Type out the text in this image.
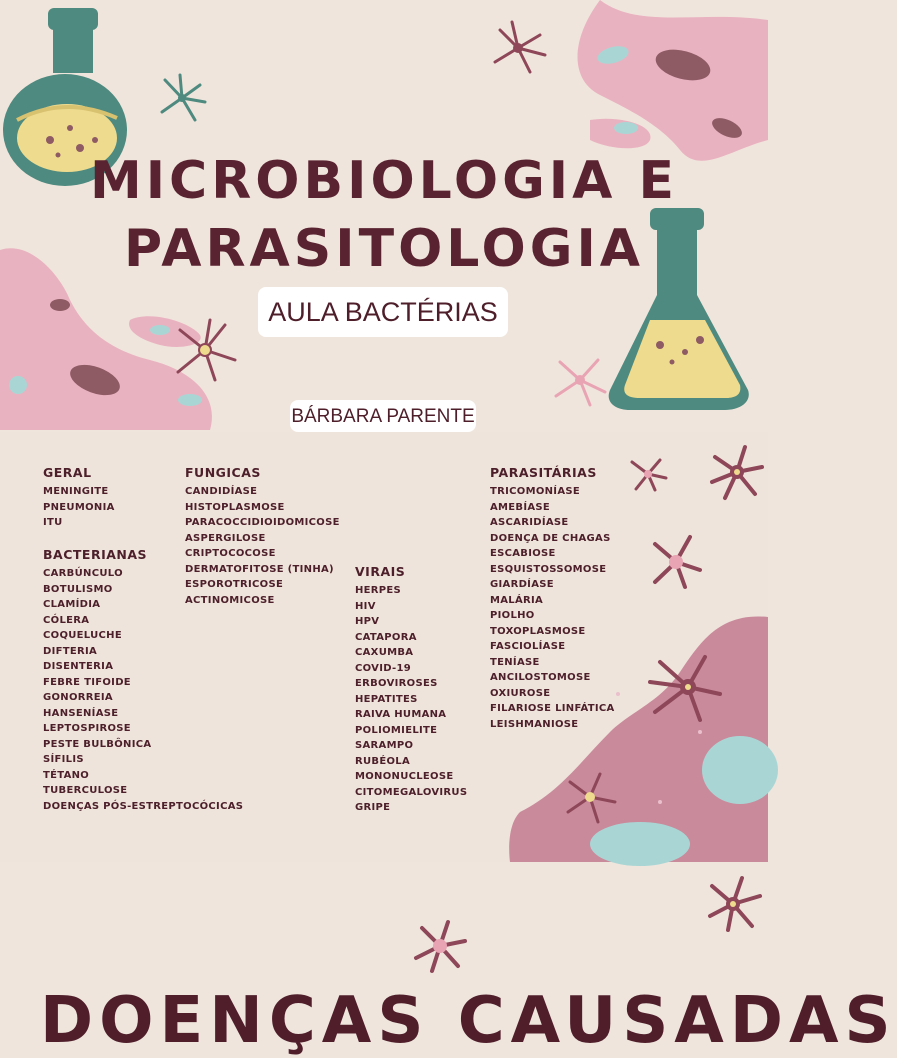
MICROBIOLOGIA E
PARASITOLOGIA
AULA BACTÉRIAS
BÁRBARA PARENTE
GERAL
MENINGITE
PNEUMONIA
ITU
BACTERIANAS
CARBÚNCULO
BOTULISMO
CLAMÍDIA
CÓLERA
COQUELUCHE
DIFTERIA
DISENTERIA
FEBRE TIFOIDE
GONORREIA
HANSENÍASE
LEPTOSPIROSE
PESTE BULBÔNICA
SÍFILIS
TÉTANO
TUBERCULOSE
DOENÇAS PÓS-ESTREPTOCÓCICAS
FUNGICAS
CANDIDÍASE
HISTOPLASMOSE
PARACOCCIDIOIDOMICOSE
ASPERGILOSE
CRIPTOCOCOSE
DERMATOFITOSE (TINHA)
ESPOROTRICOSE
ACTINOMICOSE
VIRAIS
HERPES
HIV
HPV
CATAPORA
CAXUMBA
COVID-19
ERBOVIROSES
HEPATITES
RAIVA HUMANA
POLIOMIELITE
SARAMPO
RUBÉOLA
MONONUCLEOSE
CITOMEGALOVIRUS
GRIPE
PARASITÁRIAS
TRICOMONÍASE
AMEBÍASE
ASCARIDÍASE
DOENÇA DE CHAGAS
ESCABIOSE
ESQUISTOSSOMOSE
GIARDÍASE
MALÁRIA
PIOLHO
TOXOPLASMOSE
FASCIOLÍASE
TENÍASE
ANCILOSTOMOSE
OXIUROSE
FILARIOSE LINFÁTICA
LEISHMANIOSE
DOENÇAS CAUSADAS
